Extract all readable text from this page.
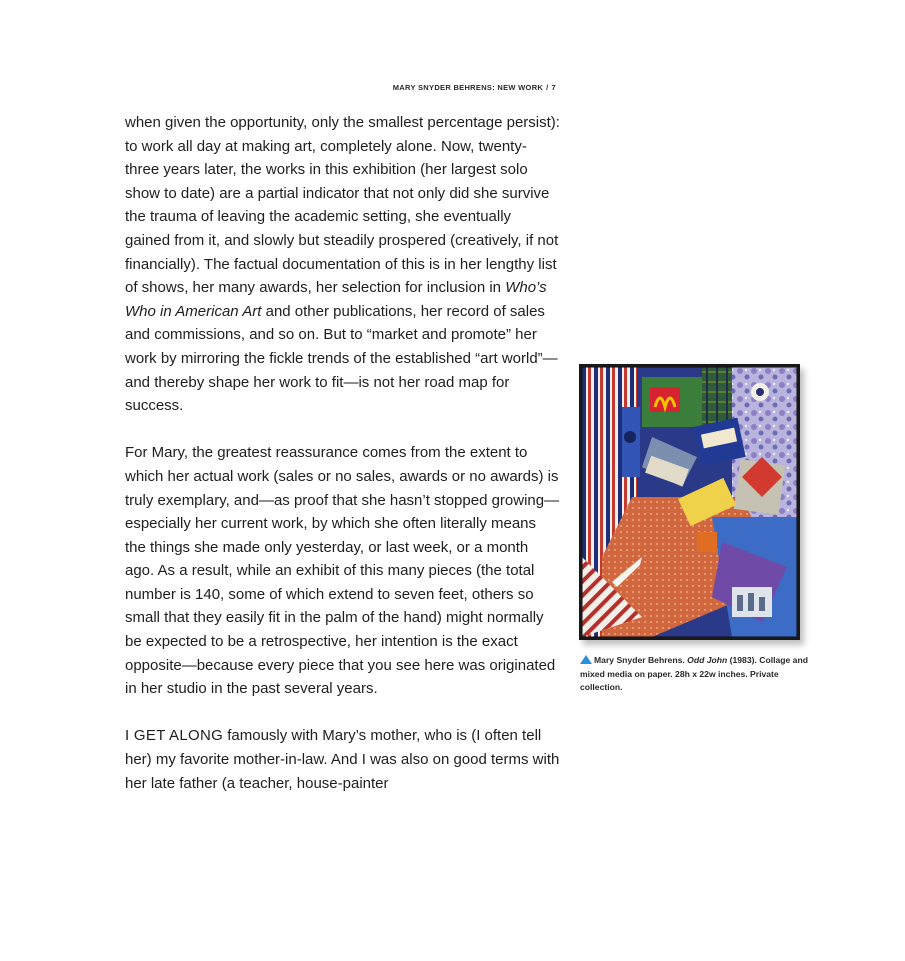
MARY SNYDER BEHRENS: NEW WORK / 7

when given the opportunity, only the smallest percentage persist): to work all day at making art, completely alone. Now, twenty-three years later, the works in this exhibition (her largest solo show to date) are a partial indicator that not only did she survive the trauma of leaving the academic setting, she eventually gained from it, and slowly but steadily prospered (creatively, if not financially). The factual documentation of this is in her lengthy list of shows, her many awards, her selection for inclusion in Who’s Who in American Art and other publications, her record of sales and commissions, and so on. But to “market and promote” her work by mirroring the fickle trends of the established “art world”—and thereby shape her work to fit—is not her road map for success.

For Mary, the greatest reassurance comes from the extent to which her actual work (sales or no sales, awards or no awards) is truly exemplary, and—as proof that she hasn’t stopped growing—especially her current work, by which she often literally means the things she made only yesterday, or last week, or a month ago. As a result, while an exhibit of this many pieces (the total number is 140, some of which extend to seven feet, others so small that they easily fit in the palm of the hand) might normally be expected to be a retrospective, her intention is the exact opposite—because every piece that you see here was originated in her studio in the past several years.

I GET ALONG famously with Mary’s mother, who is (I often tell her) my favorite mother-in-law. And I was also on good terms with her late father (a teacher, house-painter

Mary Snyder Behrens. Odd John (1983). Collage and mixed media on paper. 28h x 22w inches. Private collection.
